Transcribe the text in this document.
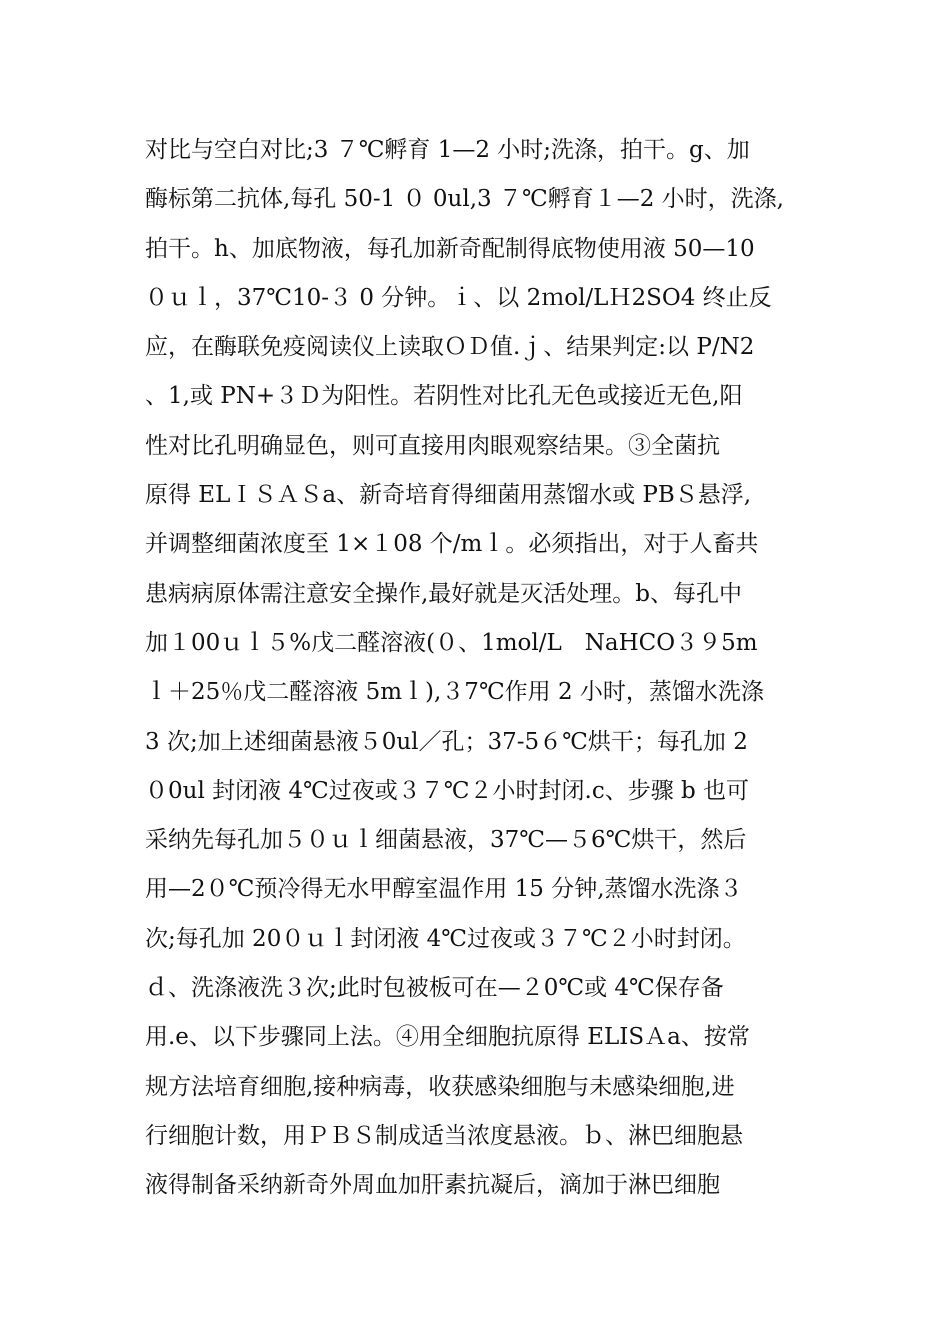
对比与空白对比;3 ７℃孵育 1—2 小时;洗涤，拍干。g、加
酶标第二抗体,每孔 50-1 ０ 0ul,3 ７℃孵育１—2 小时，洗涤,
拍干。h、加底物液，每孔加新奇配制得底物使用液 50—10
０ｕｌ，37℃10-３ 0 分钟。ｉ、以 2ｍol/LＨ2SO4 终止反
应，在酶联免疫阅读仪上读取ＯＤ值.ｊ、结果判定:以 P/N2
、1,或 PN+３Ｄ为阳性。若阴性对比孔无色或接近无色,阳
性对比孔明确显色，则可直接用肉眼观察结果。③全菌抗
原得 ELＩＳＡＳa、新奇培育得细菌用蒸馏水或 PBＳ悬浮,
并调整细菌浓度至 1×１08 个/mｌ。必须指出，对于人畜共
患病病原体需注意安全操作,最好就是灭活处理。b、每孔中
加１00ｕｌ５%戊二醛溶液(０、1mol/L　NaHCO３９5m
ｌ＋25％戊二醛溶液 5mｌ),３7℃作用 2 小时，蒸馏水洗涤
3 次;加上述细菌悬液５0ul／孔；37-5６℃烘干；每孔加 2
０0ul 封闭液 4℃过夜或３７℃２小时封闭.c、步骤 b 也可
采纳先每孔加５０ｕｌ细菌悬液，37℃—５6℃烘干，然后
用—2０℃预冷得无水甲醇室温作用 15 分钟,蒸馏水洗涤３
次;每孔加 20０ｕｌ封闭液 4℃过夜或３７℃２小时封闭。
ｄ、洗涤液洗３次;此时包被板可在—２0℃或 4℃保存备
用.e、以下步骤同上法。④用全细胞抗原得 ELISＡa、按常
规方法培育细胞,接种病毒，收获感染细胞与未感染细胞,进
行细胞计数，用ＰＢＳ制成适当浓度悬液。ｂ、淋巴细胞悬
液得制备采纳新奇外周血加肝素抗凝后，滴加于淋巴细胞
